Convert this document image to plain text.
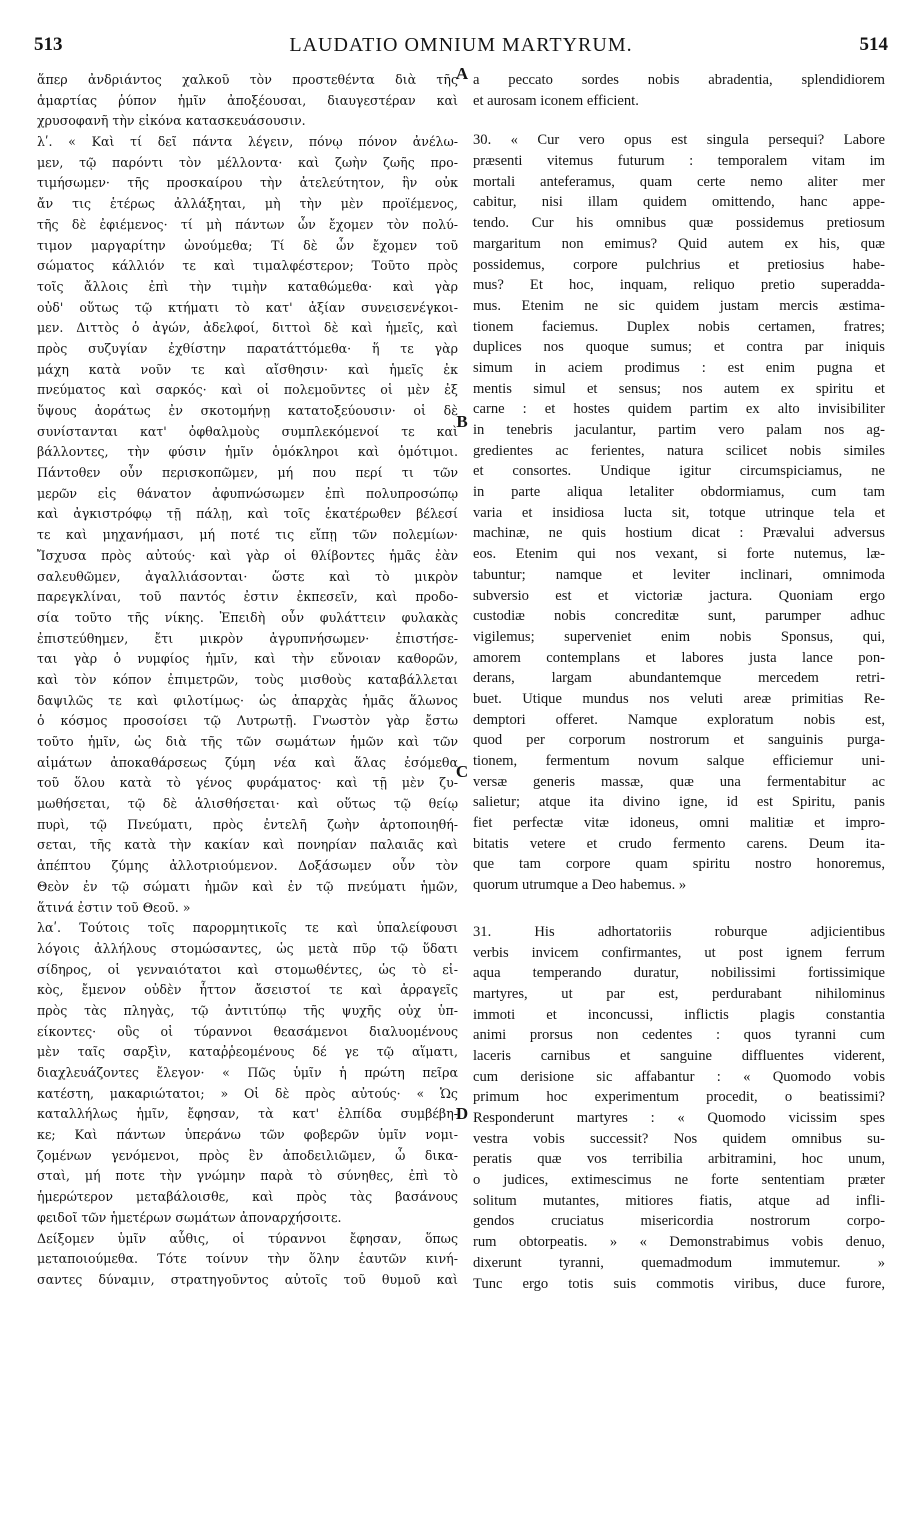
513	LAUDATIO OMNIUM MARTYRUM.	514
ἅπερ ἀνδριάντος χαλκοῦ τὸν προστεθέντα διὰ τῆς
ἁμαρτίας ῥύπον ἡμῖν ἀποξέουσαι, διαυγεστέραν καὶ
χρυσοφανῆ τὴν εἰκόνα κατασκευάσουσιν.
λʹ. « Καὶ τί δεῖ πάντα λέγειν, πόνῳ πόνον ἀνέλω-
μεν, τῷ παρόντι τὸν μέλλοντα· καὶ ζωὴν ζωῆς προ-
τιμήσωμεν· τῆς προσκαίρου τὴν ἀτελεύτητον, ἣν οὐκ
ἄν τις ἑτέρως ἀλλάξηται, μὴ τὴν μὲν προϊέμενος,
τῆς δὲ ἐφιέμενος· τί μὴ πάντων ὧν ἔχομεν τὸν πολύ-
τιμον μαργαρίτην ὠνούμεθα; Τί δὲ ὧν ἔχομεν τοῦ
σώματος κάλλιόν τε καὶ τιμαλφέστερον; Τοῦτο πρὸς
τοῖς ἄλλοις ἐπὶ τὴν τιμὴν καταθώμεθα· καὶ γὰρ
οὐδ' οὕτως τῷ κτήματι τὸ κατ' ἀξίαν συνεισενέγκοι-
μεν. Διττὸς ὁ ἀγών, ἀδελφοί, διττοὶ δὲ καὶ ἡμεῖς, καὶ
πρὸς συζυγίαν ἐχθίστην παρατάττόμεθα· ἥ τε γὰρ
μάχη κατὰ νοῦν τε καὶ αἴσθησιν· καὶ ἡμεῖς ἐκ
πνεύματος καὶ σαρκός· καὶ οἱ πολεμοῦντες οἱ μὲν ἐξ
ὕψους ἀοράτως ἐν σκοτομήνῃ κατατοξεύουσιν· οἱ δὲ
συνίστανται κατ' ὀφθαλμοὺς συμπλεκόμενοί τε καὶ
βάλλοντες, τὴν φύσιν ἡμῖν ὁμόκληροι καὶ ὁμότιμοι.
Πάντοθεν οὖν περισκοπῶμεν, μή που περί τι τῶν
μερῶν εἰς θάνατον ἀφυπνώσωμεν ἐπὶ πολυπροσώπῳ
καὶ ἀγκιστρόφῳ τῇ πάλῃ, καὶ τοῖς ἑκατέρωθεν βέλεσί
τε καὶ μηχανήμασι, μή ποτέ τις εἴπῃ τῶν πολεμίων·
Ἴσχυσα πρὸς αὐτούς· καὶ γὰρ οἱ θλίβοντες ἡμᾶς ἐὰν
σαλευθῶμεν, ἀγαλλιάσονται· ὥστε καὶ τὸ μικρὸν
παρεγκλίναι, τοῦ παντός ἐστιν ἐκπεσεῖν, καὶ προδο-
σία τοῦτο τῆς νίκης. Ἐπειδὴ οὖν φυλάττειν φυλακὰς
ἐπιστεύθημεν, ἔτι μικρὸν ἀγρυπνήσωμεν· ἐπιστήσε-
ται γὰρ ὁ νυμφίος ἡμῖν, καὶ τὴν εὔνοιαν καθορῶν,
καὶ τὸν κόπον ἐπιμετρῶν, τοὺς μισθοὺς καταβάλλεται
δαψιλῶς τε καὶ φιλοτίμως· ὡς ἀπαρχὰς ἡμᾶς ἅλωνος
ὁ κόσμος προσοίσει τῷ Λυτρωτῇ. Γνωστὸν γὰρ ἔστω
τοῦτο ἡμῖν, ὡς διὰ τῆς τῶν σωμάτων ἡμῶν καὶ τῶν
αἱμάτων ἀποκαθάρσεως ζύμη νέα καὶ ἅλας ἐσόμεθα
τοῦ ὅλου κατὰ τὸ γένος φυράματος· καὶ τῇ μὲν ζυ-
μωθήσεται, τῷ δὲ ἁλισθήσεται· καὶ οὕτως τῷ θείῳ
πυρὶ, τῷ Πνεύματι, πρὸς ἐντελῆ ζωὴν ἀρτοποιηθή-
σεται, τῆς κατὰ τὴν κακίαν καὶ πονηρίαν παλαιᾶς καὶ
ἀπέπτου ζύμης ἀλλοτριούμενον. Δοξάσωμεν οὖν τὸν
Θεὸν ἐν τῷ σώματι ἡμῶν καὶ ἐν τῷ πνεύματι ἡμῶν,
ἅτινά ἐστιν τοῦ Θεοῦ. »
λαʹ. Τούτοις τοῖς παρορμητικοῖς τε καὶ ὑπαλείφουσι
λόγοις ἀλλήλους στομώσαντες, ὡς μετὰ πῦρ τῷ ὕδατι
σίδηρος, οἱ γενναιότατοι καὶ στομωθέντες, ὡς τὸ εἰ-
κὸς, ἔμενον οὐδὲν ἧττον ἄσειστοί τε καὶ ἀρραγεῖς
πρὸς τὰς πληγὰς, τῷ ἀντιτύπῳ τῆς ψυχῆς οὐχ ὑπ-
είκοντες· οὓς οἱ τύραννοι θεασάμενοι διαλυομένους
μὲν ταῖς σαρξὶν, καταῤῥεομένους δέ γε τῷ αἵματι,
διαχλευάζοντες ἔλεγον· « Πῶς ὑμῖν ἡ πρώτη πεῖρα
κατέστη, μακαριώτατοι; » Οἱ δὲ πρὸς αὐτούς· « Ὡς
καταλλήλως ἡμῖν, ἔφησαν, τὰ κατ' ἐλπίδα συμβέβη-
κε; Καὶ πάντων ὑπεράνω τῶν φοβερῶν ὑμῖν νομι-
ζομένων γενόμενοι, πρὸς ἓν ἀποδειλιῶμεν, ὦ δικα-
σταὶ, μή ποτε τὴν γνώμην παρὰ τὸ σύνηθες, ἐπὶ τὸ
ἡμερώτερον μεταβάλοισθε, καὶ πρὸς τὰς βασάνους
φειδοῖ τῶν ἡμετέρων σωμάτων ἀποναρχήσοιτε.
Δείξομεν ὑμῖν αὖθις, οἱ τύραννοι ἔφησαν, ὅπως
μεταποιούμεθα. Τότε τοίνυν τὴν ὅλην ἑαυτῶν κινή-
σαντες δύναμιν, στρατηγοῦντος αὐτοῖς τοῦ θυμοῦ καὶ
a peccato sordes nobis abradentia, splendidiorem
et aurosam iconem efficient.
30. « Cur vero opus est singula persequi? Labore
præsenti vitemus futurum : temporalem vitam im
mortali anteferamus, quam certe nemo aliter mer
cabitur, nisi illam quidem omittendo, hanc appe-
tendo. Cur his omnibus quæ possidemus pretiosum
margaritum non emimus? Quid autem ex his, quæ
possidemus, corpore pulchrius et pretiosius habe-
mus? Et hoc, inquam, reliquo pretio superadda-
mus. Etenim ne sic quidem justam mercis æstima-
tionem faciemus. Duplex nobis certamen, fratres;
duplices nos quoque sumus; et contra par iniquis
simum in aciem prodimus : est enim pugna et
mentis simul et sensus; nos autem ex spiritu et
carne : et hostes quidem partim ex alto invisibiliter
in tenebris jaculantur, partim vero palam nos ag-
gredientes ac ferientes, natura scilicet nobis similes
et consortes. Undique igitur circumspiciamus, ne
in parte aliqua letaliter obdormiamus, cum tam
varia et insidiosa lucta sit, totque utrinque tela et
machinæ, ne quis hostium dicat : Prævalui adversus
eos. Etenim qui nos vexant, si forte nutemus, læ-
tabuntur; namque et leviter inclinari, omnimoda
subversio est et victoriæ jactura. Quoniam ergo
custodiæ nobis concreditæ sunt, parumper adhuc
vigilemus; superveniet enim nobis Sponsus, qui,
amorem contemplans et labores justa lance pon-
derans, largam abundantemque mercedem retri-
buet. Utique mundus nos veluti areæ primitias Re-
demptori offeret. Namque exploratum nobis est,
quod per corporum nostrorum et sanguinis purga-
tionem, fermentum novum salque efficiemur uni-
versæ generis massæ, quæ una fermentabitur ac
salietur; atque ita divino igne, id est Spiritu, panis
fiet perfectæ vitæ idoneus, omni malitiæ et impro-
bitatis vetere et crudo fermento carens. Deum ita-
que tam corpore quam spiritu nostro honoremus,
quorum utrumque a Deo habemus. »
31. His adhortatoriis roburque adjicientibus
verbis invicem confirmantes, ut post ignem ferrum
aqua temperando duratur, nobilissimi fortissimique
martyres, ut par est, perdurabant nihilominus
immoti et inconcussi, inflictis plagis constantia
animi prorsus non cedentes : quos tyranni cum
laceris carnibus et sanguine diffluentes viderent,
cum derisione sic affabantur : « Quomodo vobis
primum hoc experimentum procedit, o beatissimi?
Responderunt martyres : « Quomodo vicissim spes
vestra vobis successit? Nos quidem omnibus su-
peratis quæ vos terribilia arbitramini, hoc unum,
o judices, extimescimus ne forte sententiam præter
solitum mutantes, mitiores fiatis, atque ad infli-
gendos cruciatus misericordia nostrorum corpo-
rum obtorpeatis. » « Demonstrabimus vobis denuo,
dixerunt tyranni, quemadmodum immutemur. »
Tunc ergo totis suis commotis viribus, duce furore,
A
B
C
D
